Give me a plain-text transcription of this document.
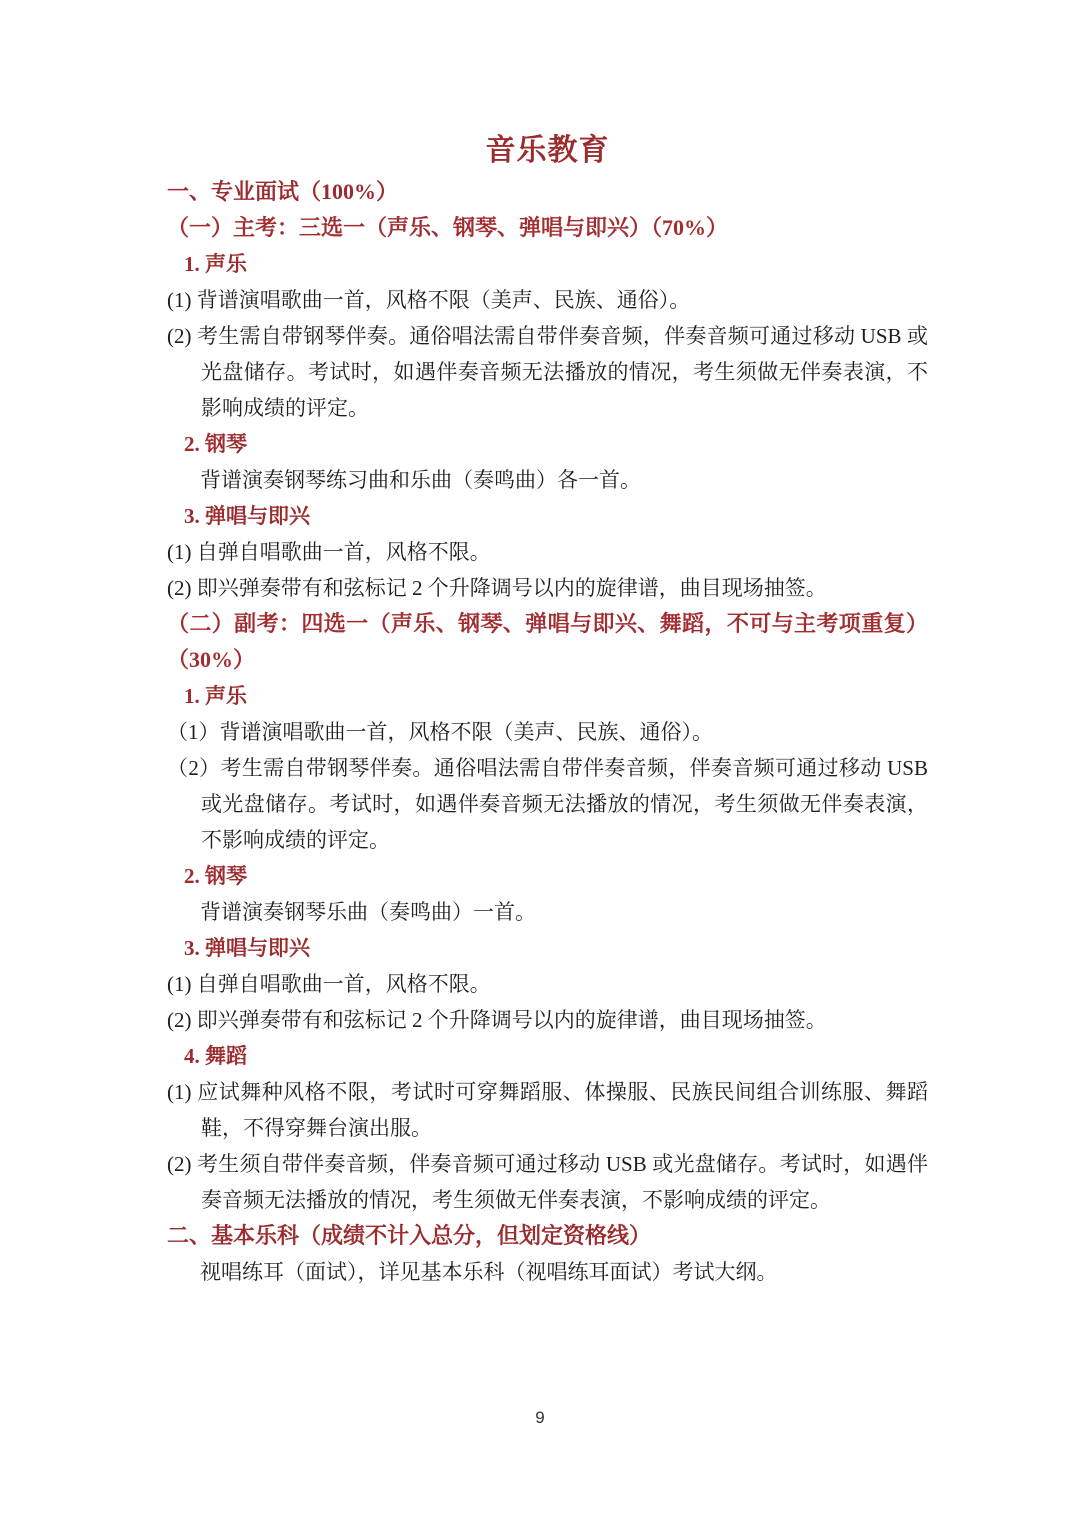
音乐教育
一、专业面试（100%）
（一）主考：三选一（声乐、钢琴、弹唱与即兴）（70%）
1. 声乐
(1) 背谱演唱歌曲一首，风格不限（美声、民族、通俗）。
(2) 考生需自带钢琴伴奏。通俗唱法需自带伴奏音频，伴奏音频可通过移动 USB 或光盘储存。考试时，如遇伴奏音频无法播放的情况，考生须做无伴奏表演，不影响成绩的评定。
2. 钢琴
背谱演奏钢琴练习曲和乐曲（奏鸣曲）各一首。
3. 弹唱与即兴
(1) 自弹自唱歌曲一首，风格不限。
(2) 即兴弹奏带有和弦标记 2 个升降调号以内的旋律谱，曲目现场抽签。
（二）副考：四选一（声乐、钢琴、弹唱与即兴、舞蹈，不可与主考项重复）（30%）
1. 声乐
（1）背谱演唱歌曲一首，风格不限（美声、民族、通俗）。
（2）考生需自带钢琴伴奏。通俗唱法需自带伴奏音频，伴奏音频可通过移动 USB 或光盘储存。考试时，如遇伴奏音频无法播放的情况，考生须做无伴奏表演，不影响成绩的评定。
2. 钢琴
背谱演奏钢琴乐曲（奏鸣曲）一首。
3. 弹唱与即兴
(1) 自弹自唱歌曲一首，风格不限。
(2) 即兴弹奏带有和弦标记 2 个升降调号以内的旋律谱，曲目现场抽签。
4. 舞蹈
(1) 应试舞种风格不限，考试时可穿舞蹈服、体操服、民族民间组合训练服、舞蹈鞋，不得穿舞台演出服。
(2) 考生须自带伴奏音频，伴奏音频可通过移动 USB 或光盘储存。考试时，如遇伴奏音频无法播放的情况，考生须做无伴奏表演，不影响成绩的评定。
二、基本乐科（成绩不计入总分，但划定资格线）
视唱练耳（面试），详见基本乐科（视唱练耳面试）考试大纲。
9
